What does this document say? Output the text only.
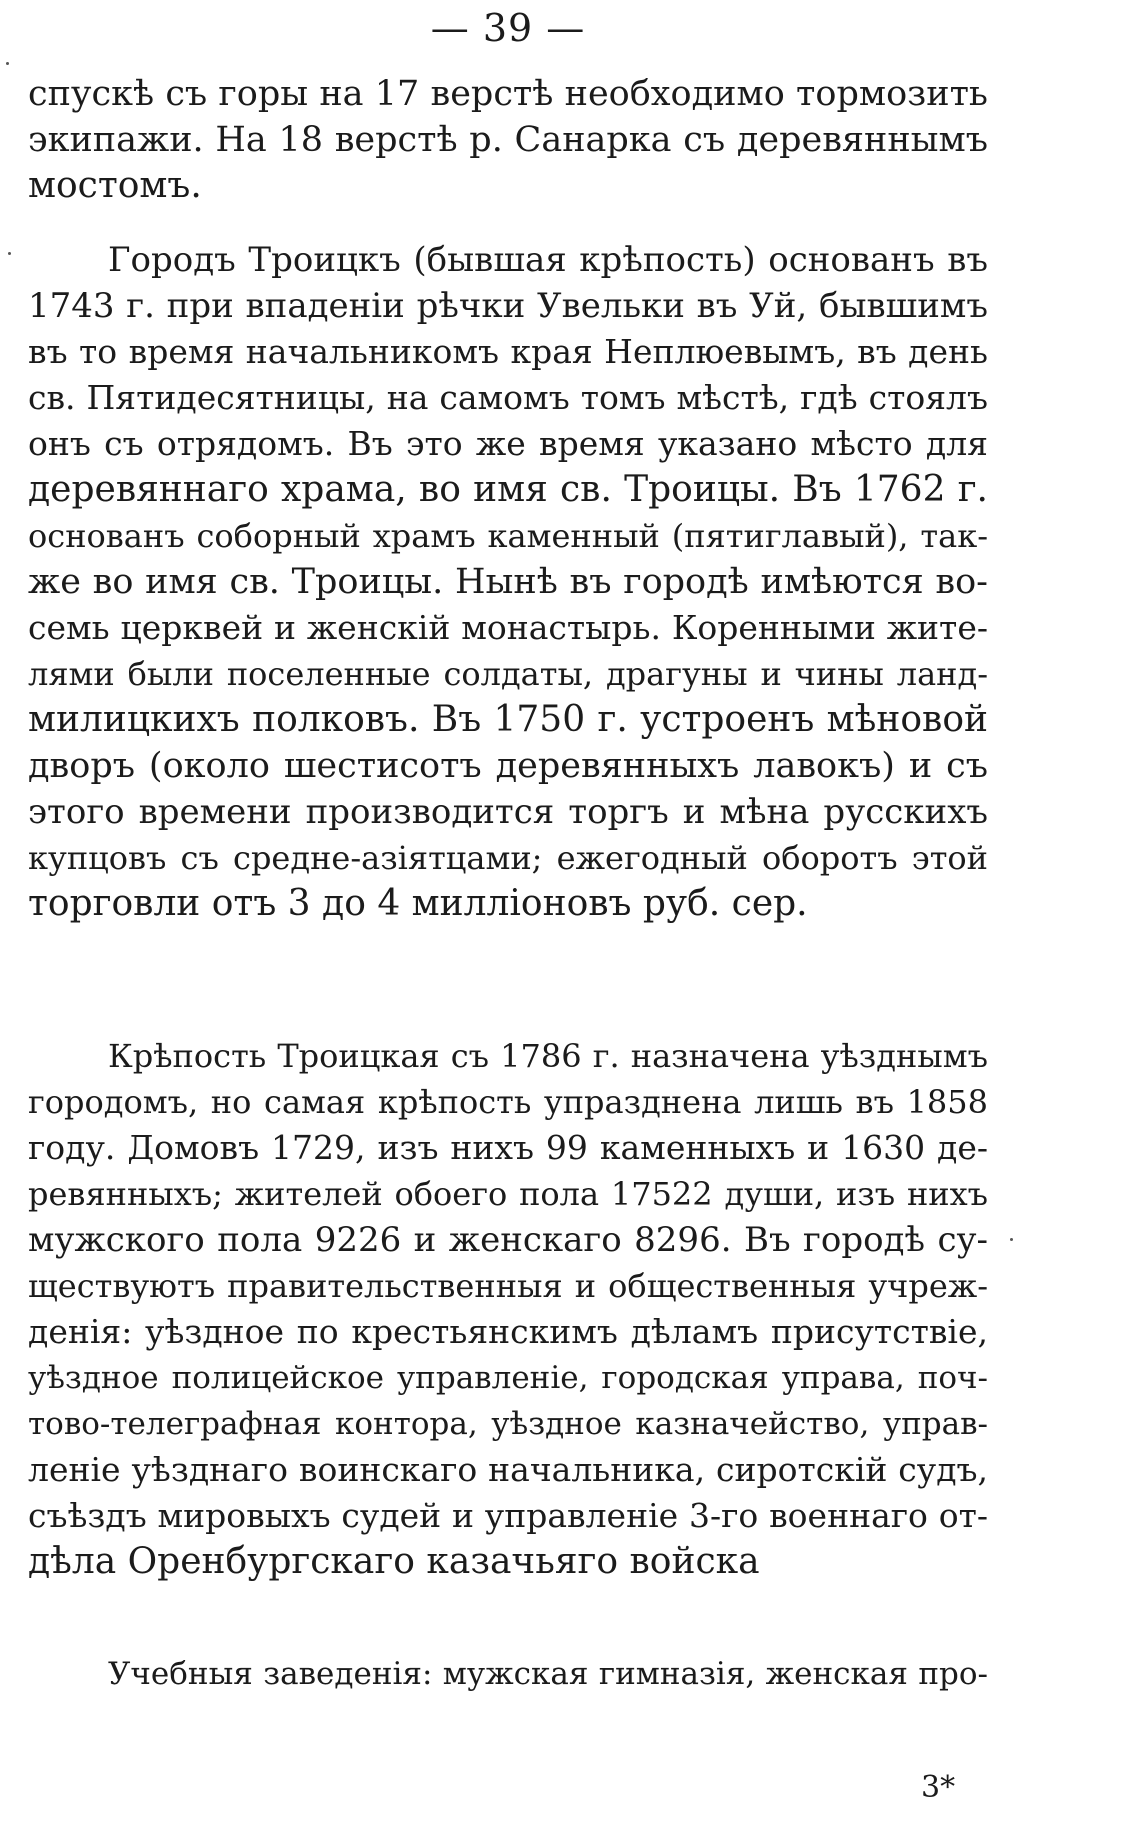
— 39 —
спускѣ съ горы на 17 верстѣ необходимо тормозить
экипажи. На 18 верстѣ р. Санарка съ деревяннымъ
мостомъ.
Городъ Троицкъ (бывшая крѣпость) основанъ въ
1743 г. при впаденіи рѣчки Увельки въ Уй, бывшимъ
въ то время начальникомъ края Неплюевымъ, въ день
св. Пятидесятницы, на самомъ томъ мѣстѣ, гдѣ стоялъ
онъ съ отрядомъ. Въ это же время указано мѣсто для
деревяннаго храма, во имя св. Троицы. Въ 1762 г.
основанъ соборный храмъ каменный (пятиглавый), так-
же во имя св. Троицы. Нынѣ въ городѣ имѣются во-
семь церквей и женскій монастырь. Коренными жите-
лями были поселенные солдаты, драгуны и чины ланд-
милицкихъ полковъ. Въ 1750 г. устроенъ мѣновой
дворъ (около шестисотъ деревянныхъ лавокъ) и съ
этого времени производится торгъ и мѣна русскихъ
купцовъ съ средне-азіятцами; ежегодный оборотъ этой
торговли отъ 3 до 4 милліоновъ руб. сер.
Крѣпость Троицкая съ 1786 г. назначена уѣзднымъ
городомъ, но самая крѣпость упразднена лишь въ 1858
году. Домовъ 1729, изъ нихъ 99 каменныхъ и 1630 де-
ревянныхъ; жителей обоего пола 17522 души, изъ нихъ
мужского пола 9226 и женскаго 8296. Въ городѣ су-
ществуютъ правительственныя и общественныя учреж-
денія: уѣздное по крестьянскимъ дѣламъ присутствіе,
уѣздное полицейское управленіе, городская управа, поч-
тово-телеграфная контора, уѣздное казначейство, управ-
леніе уѣзднаго воинскаго начальника, сиротскій судъ,
съѣздъ мировыхъ судей и управленіе 3-го военнаго от-
дѣла Оренбургскаго казачьяго войска
Учебныя заведенія: мужская гимназія, женская про-
3*
